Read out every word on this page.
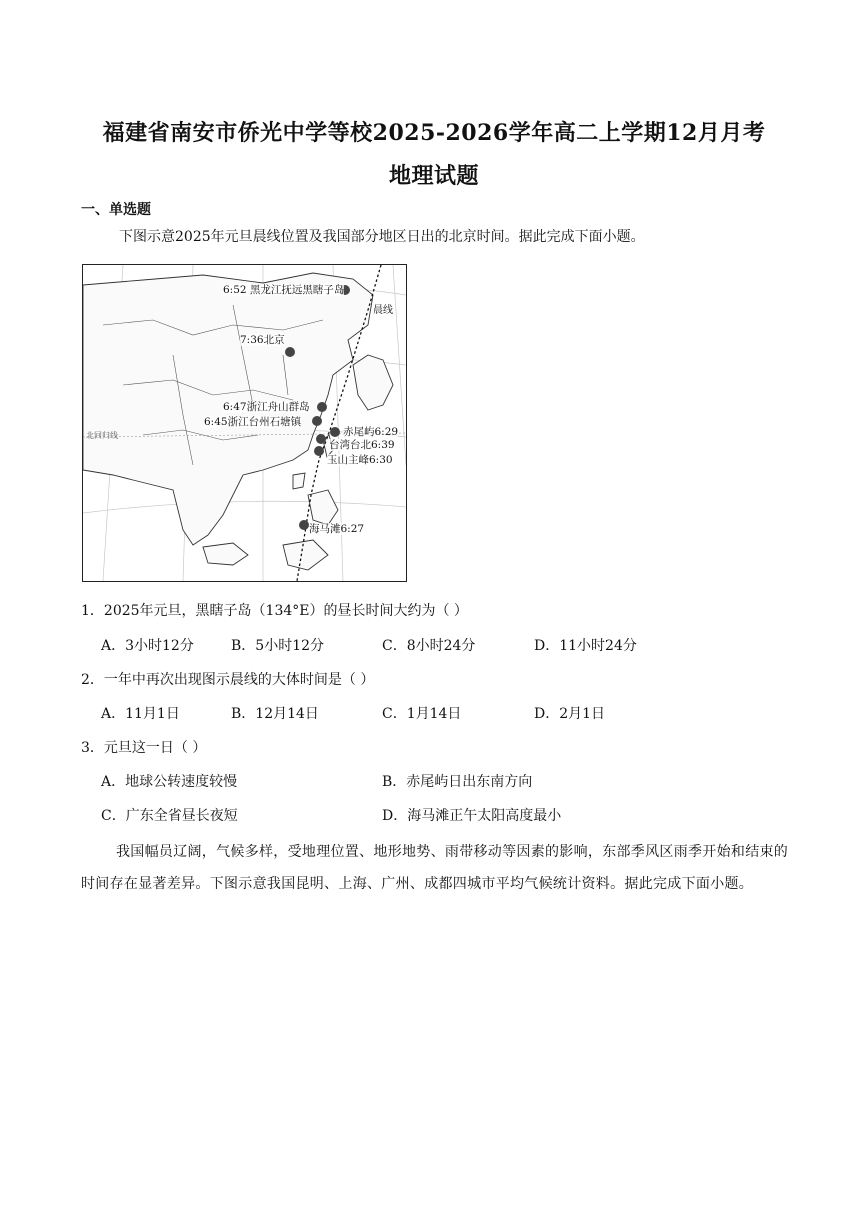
福建省南安市侨光中学等校2025-2026学年高二上学期12月月考
地理试题
一、单选题
下图示意2025年元旦晨线位置及我国部分地区日出的北京时间。据此完成下面小题。
6:52 黑龙江抚远黑瞎子岛
7:36北京
6:47浙江舟山群岛
6:45浙江台州石塘镇
赤尾屿6:29
台湾台北6:39
玉山主峰6:30
海马滩6:27
晨线
北回归线
1．2025年元旦，黑瞎子岛（134°E）的昼长时间大约为（ ）
A．3小时12分	B．5小时12分	C．8小时24分	D．11小时24分
2．一年中再次出现图示晨线的大体时间是（ ）
A．11月1日	B．12月14日	C．1月14日	D．2月1日
3．元旦这一日（ ）
A．地球公转速度较慢	B．赤尾屿日出东南方向
C．广东全省昼长夜短	D．海马滩正午太阳高度最小
我国幅员辽阔，气候多样，受地理位置、地形地势、雨带移动等因素的影响，东部季风区雨季开始和结束的时间存在显著差异。下图示意我国昆明、上海、广州、成都四城市平均气候统计资料。据此完成下面小题。
